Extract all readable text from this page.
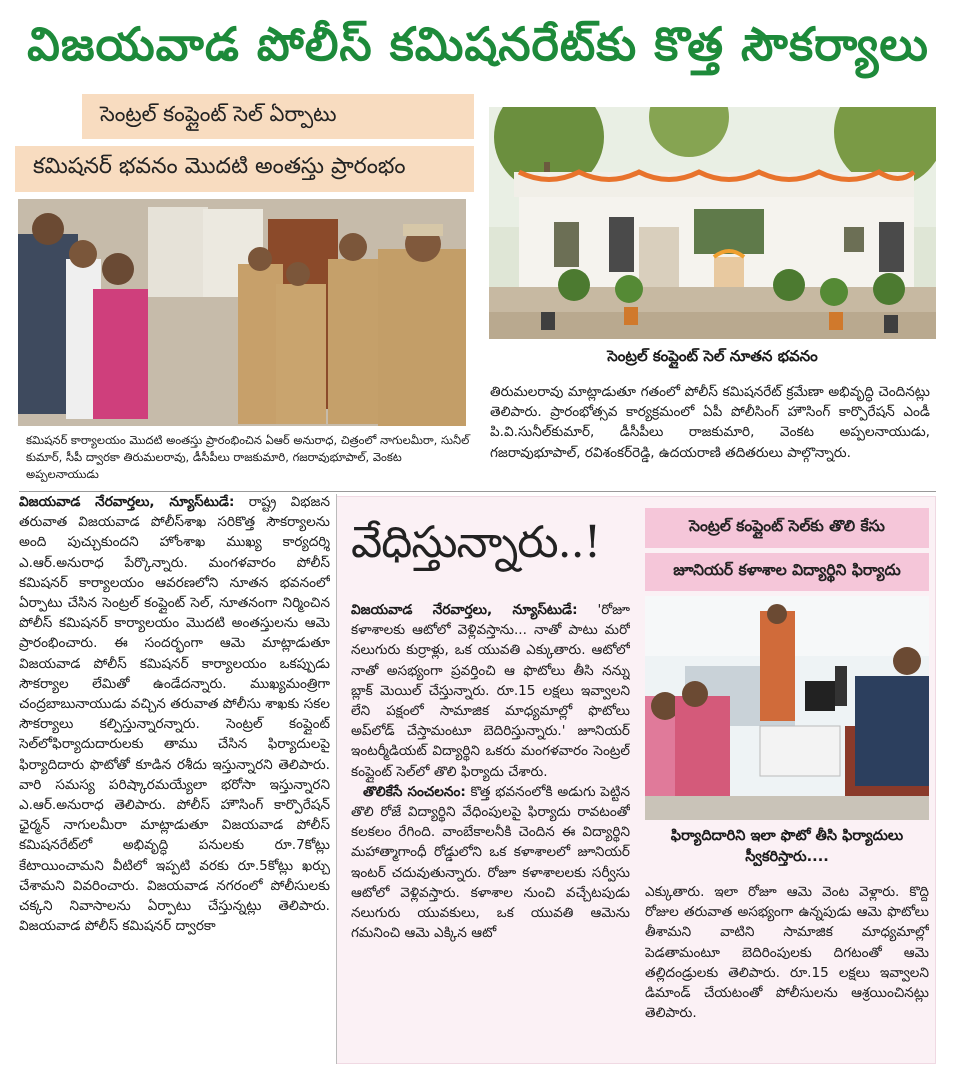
విజయవాడ పోలీస్ కమిషనరేట్‌కు కొత్త సౌకర్యాలు
సెంట్రల్ కంప్లైంట్ సెల్ ఏర్పాటు
కమిషనర్ భవనం మొదటి అంతస్తు ప్రారంభం
సెంట్రల్ కంప్లైంట్ సెల్ నూతన భవనం
కమిషనర్ కార్యాలయం మొదటి అంతస్తు ప్రారంభించిన ఏఆర్ అనురాధ, చిత్రంలో నాగులమీరా, సునీల్ కుమార్, సీపీ ద్వారకా తిరుమలరావు, డీసీపీలు రాజకుమారి, గజరావుభూపాల్, వెంకట అప్పలనాయుడు
తిరుమలరావు మాట్లాడుతూ గతంలో పోలీస్ కమిషనరేట్ క్రమేణా అభివృద్ధి చెందినట్లు తెలిపారు. ప్రారంభోత్సవ కార్యక్రమంలో ఏపీ పోలీసింగ్ హౌసింగ్ కార్పొరేషన్ ఎండీ పి.వి.సునీల్‌కుమార్, డీసీపీలు రాజకుమారి, వెంకట అప్పలనాయుడు, గజరావుభూపాల్, రవిశంకర్‌రెడ్డి, ఉదయరాణి తదితరులు పాల్గొన్నారు.
విజయవాడ నేరవార్తలు, న్యూస్‌టుడే: రాష్ట్ర విభజన తరువాత విజయవాడ పోలీస్‌శాఖ సరికొత్త సౌకర్యాలను అంది పుచ్చుకుందని హోంశాఖ ముఖ్య కార్యదర్శి ఎ.ఆర్.అనురాధ పేర్కొన్నారు. మంగళవారం పోలీస్ కమిషనర్ కార్యాలయం ఆవరణలోని నూతన భవనంలో ఏర్పాటు చేసిన సెంట్రల్ కంప్లైంట్ సెల్, నూతనంగా నిర్మించిన పోలీస్ కమిషనర్ కార్యాలయం మొదటి అంతస్తులను ఆమె ప్రారంభించారు. ఈ సందర్భంగా ఆమె మాట్లాడుతూ విజయవాడ పోలీస్ కమిషనర్ కార్యాలయం ఒకప్పుడు సౌకర్యాల లేమితో ఉండేదన్నారు. ముఖ్యమంత్రిగా చంద్రబాబునాయుడు వచ్చిన తరువాత పోలీసు శాఖకు సకల సౌకర్యాలు కల్పిస్తున్నారన్నారు. సెంట్రల్ కంప్లైంట్ సెల్‌లోఫిర్యాదుదారులకు తాము చేసిన ఫిర్యాదులపై ఫిర్యాదిదారు ఫొటోతో కూడిన రశీదు ఇస్తున్నారని తెలిపారు. వారి సమస్య పరిష్కారమయ్యేలా భరోసా ఇస్తున్నారని ఎ.ఆర్.అనురాధ తెలిపారు. పోలీస్ హౌసింగ్ కార్పొరేషన్ ఛైర్మన్ నాగులమీరా మాట్లాడుతూ విజయవాడ పోలీస్ కమిషనరేట్‌లో అభివృద్ధి పనులకు రూ.7కోట్లు కేటాయించామని వీటిలో ఇప్పటి వరకు రూ.5కోట్లు ఖర్చు చేశామని వివరించారు. విజయవాడ నగరంలో పోలీసులకు చక్కని నివాసాలను ఏర్పాటు చేస్తున్నట్లు తెలిపారు. విజయవాడ పోలీస్ కమిషనర్ ద్వారకా
వేధిస్తున్నారు..!	సెంట్రల్ కంప్లైంట్ సెల్‌కు తొలి కేసు
జూనియర్ కళాశాల విద్యార్థిని ఫిర్యాదు
విజయవాడ నేరవార్తలు, న్యూస్‌టుడే: 'రోజూ కళాశాలకు ఆటోలో వెళ్లివస్తాను... నాతో పాటు మరో నలుగురు కుర్రాళ్లు, ఒక యువతి ఎక్కుతారు. ఆటోలో నాతో అసభ్యంగా ప్రవర్తించి ఆ ఫొటోలు తీసి నన్ను బ్లాక్ మెయిల్ చేస్తున్నారు. రూ.15 లక్షలు ఇవ్వాలని లేని పక్షంలో సామాజిక మాధ్యమాల్లో ఫొటోలు అప్‌లోడ్ చేస్తామంటూ బెదిరిస్తున్నారు.' జూనియర్ ఇంటర్మీడియట్ విద్యార్థిని ఒకరు మంగళవారం సెంట్రల్ కంప్లైంట్ సెల్‌లో తొలి ఫిర్యాదు చేశారు.
తొలికేసే సంచలనం: కొత్త భవనంలోకి అడుగు పెట్టిన తొలి రోజే విద్యార్థిని వేధింపులపై ఫిర్యాదు రావటంతో కలకలం రేగింది. వాంబేకాలనీకి చెందిన ఈ విద్యార్థిని మహాత్మాగాంధీ రోడ్డులోని ఒక కళాశాలలో జూనియర్ ఇంటర్ చదువుతున్నారు. రోజూ కళాశాలలకు సర్వీసు ఆటోలో వెళ్లివస్తారు. కళాశాల నుంచి వచ్చేటపుడు నలుగురు యువకులు, ఒక యువతి ఆమెను గమనించి ఆమె ఎక్కిన ఆటో
ఫిర్యాదిదారిని ఇలా ఫొటో తీసి ఫిర్యాదులు స్వీకరిస్తారు....
ఎక్కుతారు. ఇలా రోజూ ఆమె వెంట వెళ్లారు. కొద్ది రోజుల తరువాత అసభ్యంగా ఉన్నపుడు ఆమె ఫొటోలు తీశామని వాటిని సామాజిక మాధ్యమాల్లో పెడతామంటూ బెదిరింపులకు దిగటంతో ఆమె తల్లిదండ్రులకు తెలిపారు. రూ.15 లక్షలు ఇవ్వాలని డిమాండ్ చేయటంతో పోలీసులను ఆశ్రయించినట్లు తెలిపారు.
